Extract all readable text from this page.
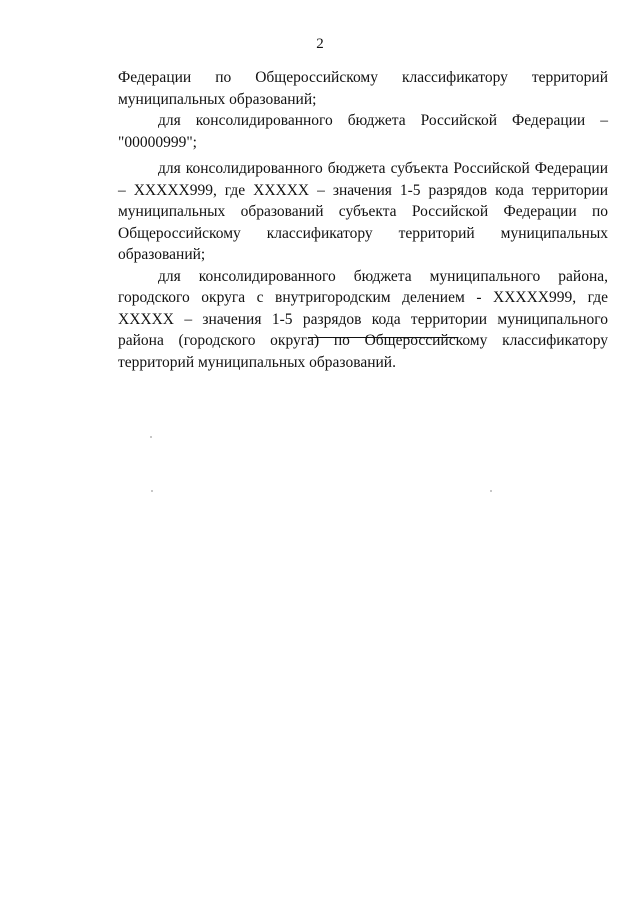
2

Федерации по Общероссийскому классификатору территорий муниципальных образований;

для консолидированного бюджета Российской Федерации – "00000999";

для консолидированного бюджета субъекта Российской Федерации – XXXXX999, где XXXXX – значения 1-5 разрядов кода территории муниципальных образований субъекта Российской Федерации по Общероссийскому классификатору территорий муниципальных образований;

для консолидированного бюджета муниципального района, городского округа с внутригородским делением - XXXXX999, где XXXXX – значения 1-5 разрядов кода территории муниципального района (городского округа) по Общероссийскому классификатору территорий муниципальных образований.
